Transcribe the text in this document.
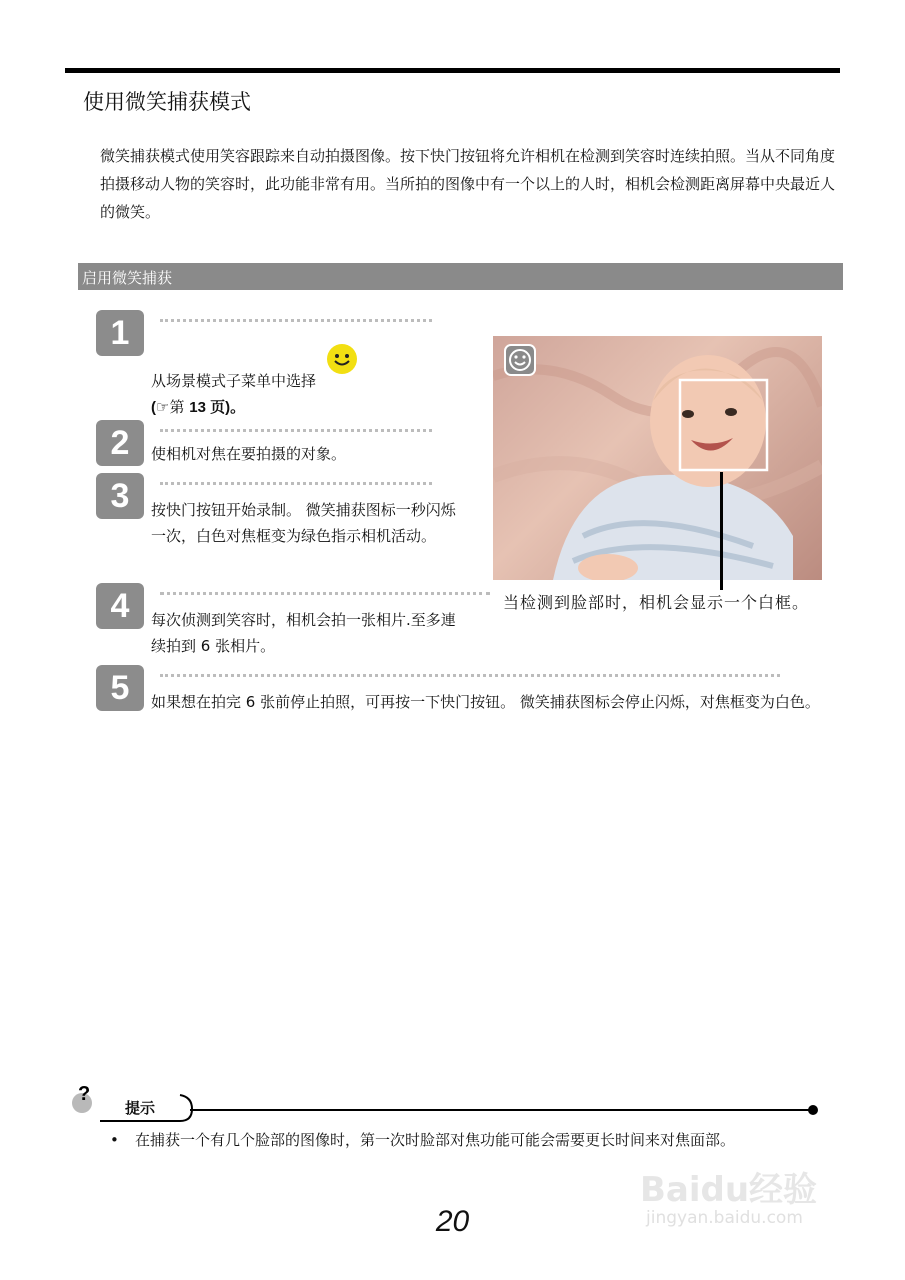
使用微笑捕获模式
微笑捕获模式使用笑容跟踪来自动拍摄图像。按下快门按钮将允许相机在检测到笑容时连续拍照。当从不同角度拍摄移动人物的笑容时，此功能非常有用。当所拍的图像中有一个以上的人时，相机会检测距离屏幕中央最近人的微笑。
启用微笑捕获
1
从场景模式子菜单中选择
(☞第 13 页)。
2	使相机对焦在要拍摄的对象。
3	按快门按钮开始录制。 微笑捕获图标一秒闪烁一次，白色对焦框变为绿色指示相机活动。
4	每次侦测到笑容时，相机会拍一张相片.至多連续拍到 6 张相片。
5	如果想在拍完 6 张前停止拍照，可再按一下快门按钮。 微笑捕获图标会停止闪烁，对焦框变为白色。
当检测到脸部时，相机会显示一个白框。
?
提示
• 在捕获一个有几个脸部的图像时，第一次时脸部对焦功能可能会需要更长时间来对焦面部。
20
Baidu经验
jingyan.baidu.com
